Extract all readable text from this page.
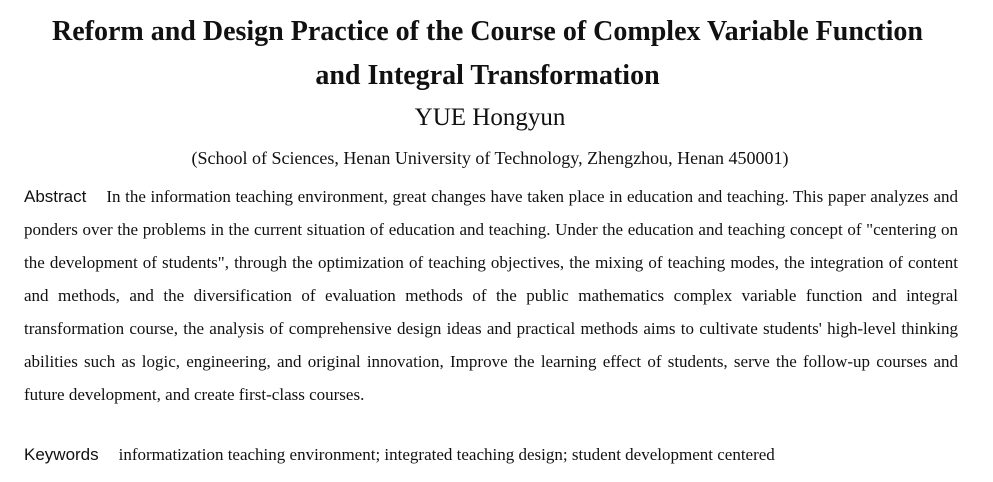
Reform and Design Practice of the Course of Complex Variable Function
and Integral Transformation
YUE Hongyun
(School of Sciences, Henan University of Technology, Zhengzhou, Henan 450001)

Abstract In the information teaching environment, great changes have taken place in education and teaching. This paper analyzes and ponders over the problems in the current situation of education and teaching. Under the education and teaching concept of "centering on the development of students", through the optimization of teaching objectives, the mixing of teaching modes, the integration of content and methods, and the diversification of evaluation methods of the public mathematics complex variable function and integral transformation course, the analysis of comprehensive design ideas and practical methods aims to cultivate students' high-level thinking abilities such as logic, engineering, and original innovation, Improve the learning effect of students, serve the follow-up courses and future development, and create first-class courses.

Keywords informatization teaching environment; integrated teaching design; student development centered
